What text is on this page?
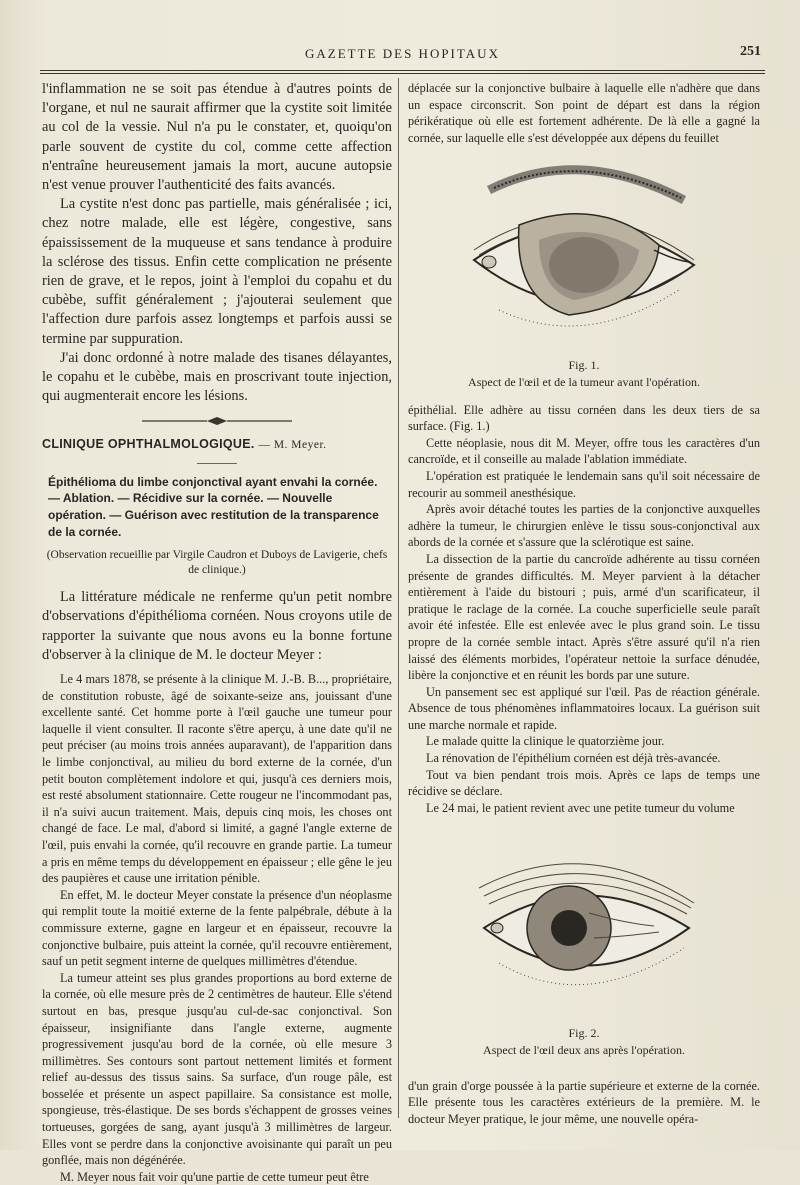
GAZETTE DES HOPITAUX	251

l'inflammation ne se soit pas étendue à d'autres points de l'organe, et nul ne saurait affirmer que la cystite soit limitée au col de la vessie. Nul n'a pu le constater, et, quoiqu'on parle souvent de cystite du col, comme cette affection n'entraîne heureusement jamais la mort, aucune autopsie n'est venue prouver l'authenticité des faits avancés.

La cystite n'est donc pas partielle, mais généralisée ; ici, chez notre malade, elle est légère, congestive, sans épaississement de la muqueuse et sans tendance à produire la sclérose des tissus. Enfin cette complication ne présente rien de grave, et le repos, joint à l'emploi du copahu et du cubèbe, suffit généralement ; j'ajouterai seulement que l'affection dure parfois assez longtemps et parfois aussi se termine par suppuration.

J'ai donc ordonné à notre malade des tisanes délayantes, le copahu et le cubèbe, mais en proscrivant toute injection, qui augmenterait encore les lésions.

CLINIQUE OPHTHALMOLOGIQUE. — M. Meyer.

Épithélioma du limbe conjonctival ayant envahi la cornée. — Ablation. — Récidive sur la cornée. — Nouvelle opération. — Guérison avec restitution de la transparence de la cornée.

(Observation recueillie par Virgile Caudron et Duboys de Lavigerie, chefs de clinique.)

La littérature médicale ne renferme qu'un petit nombre d'observations d'épithélioma cornéen. Nous croyons utile de rapporter la suivante que nous avons eu la bonne fortune d'observer à la clinique de M. le docteur Meyer :

Le 4 mars 1878, se présente à la clinique M. J.-B. B..., propriétaire, de constitution robuste, âgé de soixante-seize ans, jouissant d'une excellente santé. Cet homme porte à l'œil gauche une tumeur pour laquelle il vient consulter. Il raconte s'être aperçu, à une date qu'il ne peut préciser (au moins trois années auparavant), de l'apparition dans le limbe conjonctival, au milieu du bord externe de la cornée, d'un petit bouton complètement indolore et qui, jusqu'à ces derniers mois, est resté absolument stationnaire. Cette rougeur ne l'incommodant pas, il n'a suivi aucun traitement. Mais, depuis cinq mois, les choses ont changé de face. Le mal, d'abord si limité, a gagné l'angle externe de l'œil, puis envahi la cornée, qu'il recouvre en grande partie. La tumeur a pris en même temps du développement en épaisseur ; elle gêne le jeu des paupières et cause une irritation pénible.

En effet, M. le docteur Meyer constate la présence d'un néoplasme qui remplit toute la moitié externe de la fente palpébrale, débute à la commissure externe, gagne en largeur et en épaisseur, recouvre la conjonctive bulbaire, puis atteint la cornée, qu'il recouvre entièrement, sauf un petit segment interne de quelques millimètres d'étendue.

La tumeur atteint ses plus grandes proportions au bord externe de la cornée, où elle mesure près de 2 centimètres de hauteur. Elle s'étend surtout en bas, presque jusqu'au cul-de-sac conjonctival. Son épaisseur, insignifiante dans l'angle externe, augmente progressivement jusqu'au bord de la cornée, où elle mesure 3 millimètres. Ses contours sont partout nettement limités et forment relief au-dessus des tissus sains. Sa surface, d'un rouge pâle, est bosselée et présente un aspect papillaire. Sa consistance est molle, spongieuse, très-élastique. De ses bords s'échappent de grosses veines tortueuses, gorgées de sang, ayant jusqu'à 3 millimètres de largeur. Elles vont se perdre dans la conjonctive avoisinante qui paraît un peu gonflée, mais non dégénérée.

M. Meyer nous fait voir qu'une partie de cette tumeur peut être

déplacée sur la conjonctive bulbaire à laquelle elle n'adhère que dans un espace circonscrit. Son point de départ est dans la région périkératique où elle est fortement adhérente. De là elle a gagné la cornée, sur laquelle elle s'est développée aux dépens du feuillet

Fig. 1.
Aspect de l'œil et de la tumeur avant l'opération.

épithélial. Elle adhère au tissu cornéen dans les deux tiers de sa surface. (Fig. 1.)

Cette néoplasie, nous dit M. Meyer, offre tous les caractères d'un cancroïde, et il conseille au malade l'ablation immédiate.

L'opération est pratiquée le lendemain sans qu'il soit nécessaire de recourir au sommeil anesthésique.

Après avoir détaché toutes les parties de la conjonctive auxquelles adhère la tumeur, le chirurgien enlève le tissu sous-conjonctival aux abords de la cornée et s'assure que la sclérotique est saine.

La dissection de la partie du cancroïde adhérente au tissu cornéen présente de grandes difficultés. M. Meyer parvient à la détacher entièrement à l'aide du bistouri ; puis, armé d'un scarificateur, il pratique le raclage de la cornée. La couche superficielle seule paraît avoir été infestée. Elle est enlevée avec le plus grand soin. Le tissu propre de la cornée semble intact. Après s'être assuré qu'il n'a rien laissé des éléments morbides, l'opérateur nettoie la surface dénudée, libère la conjonctive et en réunit les bords par une suture.

Un pansement sec est appliqué sur l'œil. Pas de réaction générale. Absence de tous phénomènes inflammatoires locaux. La guérison suit une marche normale et rapide.

Le malade quitte la clinique le quatorzième jour.

La rénovation de l'épithélium cornéen est déjà très-avancée.

Tout va bien pendant trois mois. Après ce laps de temps une récidive se déclare.

Le 24 mai, le patient revient avec une petite tumeur du volume

Fig. 2.
Aspect de l'œil deux ans après l'opération.

d'un grain d'orge poussée à la partie supérieure et externe de la cornée. Elle présente tous les caractères extérieurs de la première. M. le docteur Meyer pratique, le jour même, une nouvelle opéra-
